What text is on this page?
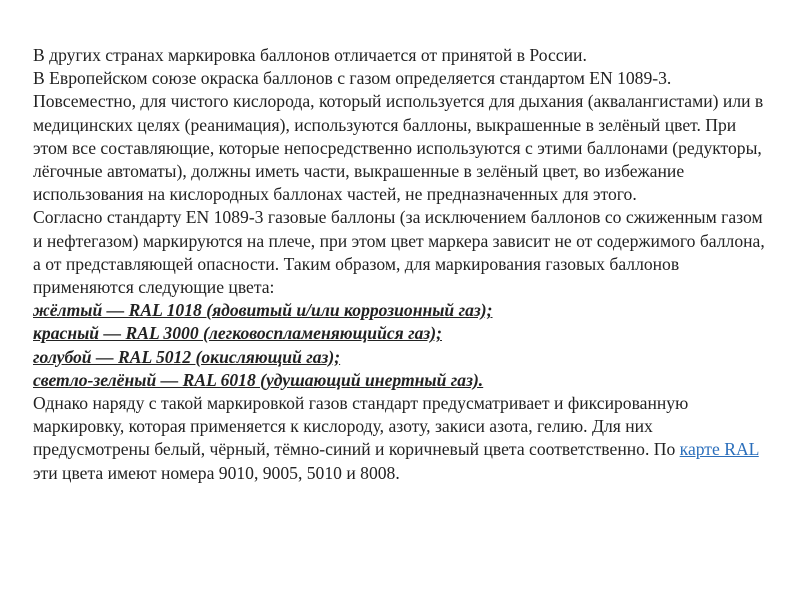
В других странах маркировка баллонов отличается от принятой в России.

В Европейском союзе окраска баллонов с газом определяется стандартом EN 1089-3.

Повсеместно, для чистого кислорода, который используется для дыхания (аквалангистами) или в медицинских целях (реанимация), используются баллоны, выкрашенные в зелёный цвет. При этом все составляющие, которые непосредственно используются с этими баллонами (редукторы, лёгочные автоматы), должны иметь части, выкрашенные в зелёный цвет, во избежание использования на кислородных баллонах частей, не предназначенных для этого.

Согласно стандарту EN 1089-3 газовые баллоны (за исключением баллонов со сжиженным газом и нефтегазом) маркируются на плече, при этом цвет маркера зависит не от содержимого баллона, а от представляющей опасности. Таким образом, для маркирования газовых баллонов применяются следующие цвета:

жёлтый — RAL 1018 (ядовитый и/или коррозионный газ);

красный — RAL 3000 (легковоспламеняющийся газ);

голубой — RAL 5012 (окисляющий газ);

светло-зелёный — RAL 6018 (удушающий инертный газ).

Однако наряду с такой маркировкой газов стандарт предусматривает и фиксированную маркировку, которая применяется к кислороду, азоту, закиси азота, гелию. Для них предусмотрены белый, чёрный, тёмно-синий и коричневый цвета соответственно. По карте RAL эти цвета имеют номера 9010, 9005, 5010 и 8008.
